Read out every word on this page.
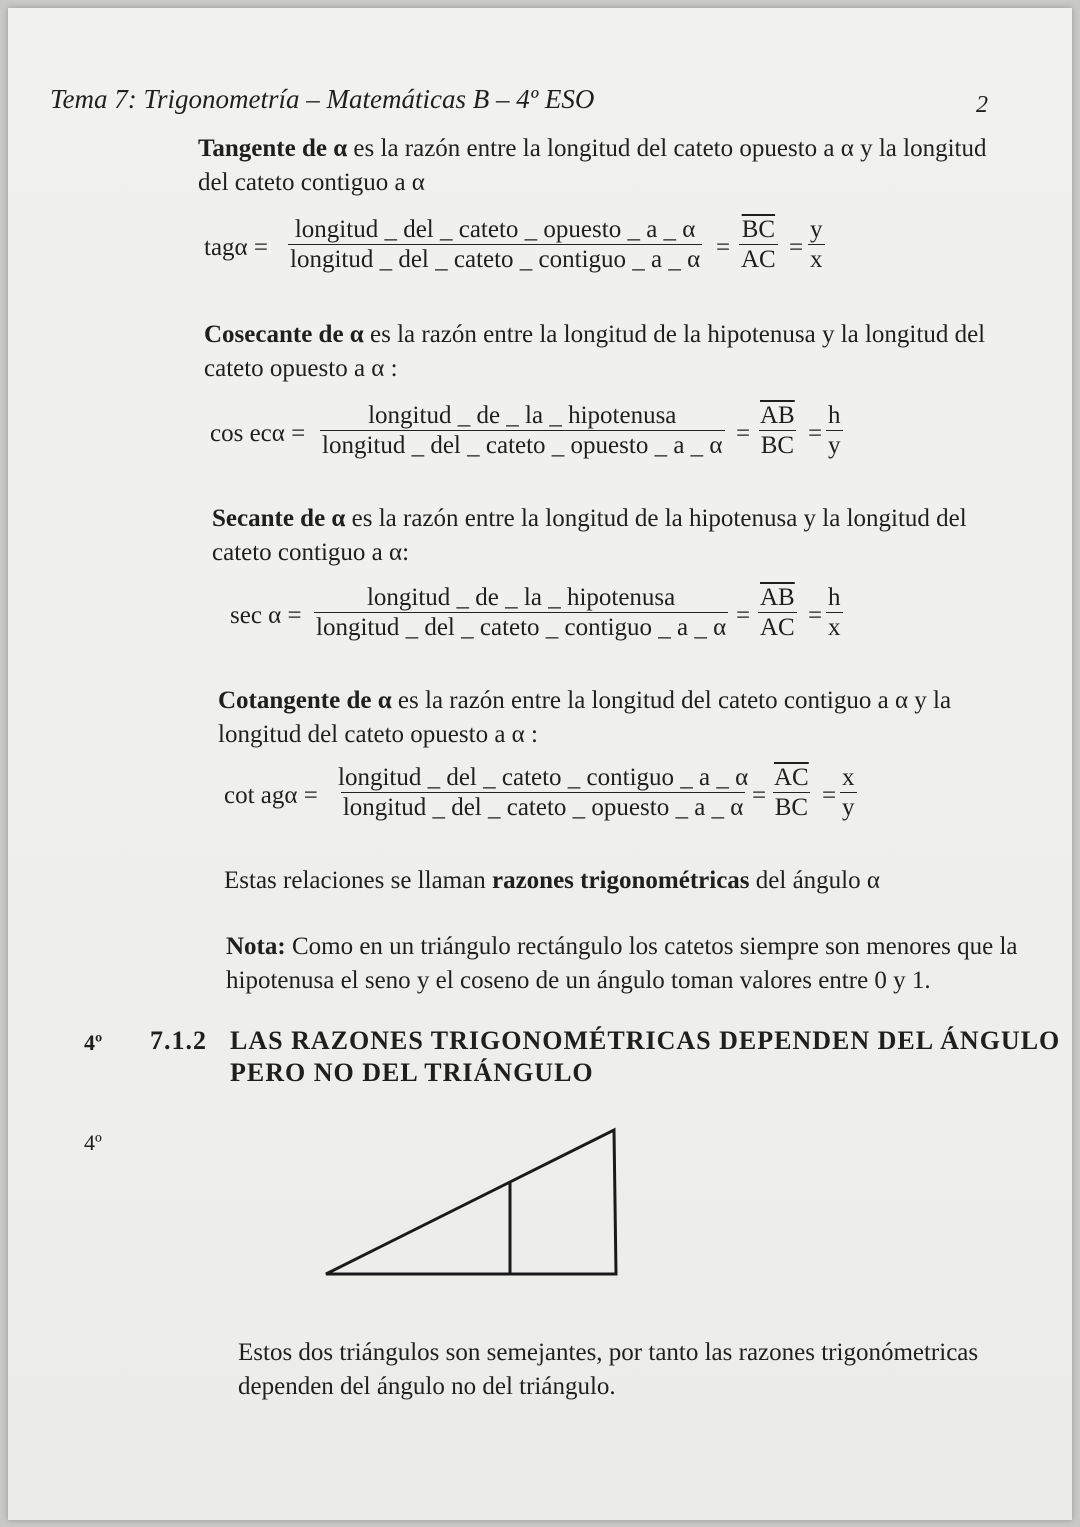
Tema 7: Trigonometría – Matemáticas B – 4º ESO	2
Tangente de α es la razón entre la longitud del cateto opuesto a α y la longitud
del cateto contiguo a α
tagα =
longitud _ del _ cateto _ opuesto _ a _ α
longitud _ del _ cateto _ contiguo _ a _ $\alpha = \frac{\overline{BC}}{AC} = \frac{y}{x}$
Cosecante de α es la razón entre la longitud de la hipotenusa y la longitud del
cateto opuesto a α :
cos ecα =
longitud _ de _ la _ hipotenusa
longitud _ del _ cateto _ opuesto _ a _ $\alpha = \frac{\overline{AB}}{BC} = \frac{h}{y}$
Secante de α es la razón entre la longitud de la hipotenusa y la longitud del
cateto contiguo a α:
sec α =
longitud _ de _ la _ hipotenusa
longitud _ del _ cateto _ contiguo _ a _ $\alpha = \frac{\overline{AB}}{AC} = \frac{h}{x}$
Cotangente de α es la razón entre la longitud del cateto contiguo a α y la
longitud del cateto opuesto a α :
cot agα =
longitud _ del _ cateto _ contiguo _ a _ α
longitud _ del _ cateto _ opuesto _ a _ $\alpha = \frac{\overline{AC}}{BC} = \frac{x}{y}$
Estas relaciones se llaman razones trigonométricas del ángulo α
Nota: Como en un triángulo rectángulo los catetos siempre son menores que la
hipotenusa el seno y el coseno de un ángulo toman valores entre 0 y 1.
4º 7.1.2 LAS RAZONES TRIGONOMÉTRICAS DEPENDEN DEL ÁNGULO
PERO NO DEL TRIÁNGULO
4º
Estos dos triángulos son semejantes, por tanto las razones trigonómetricas
dependen del ángulo no del triángulo.
